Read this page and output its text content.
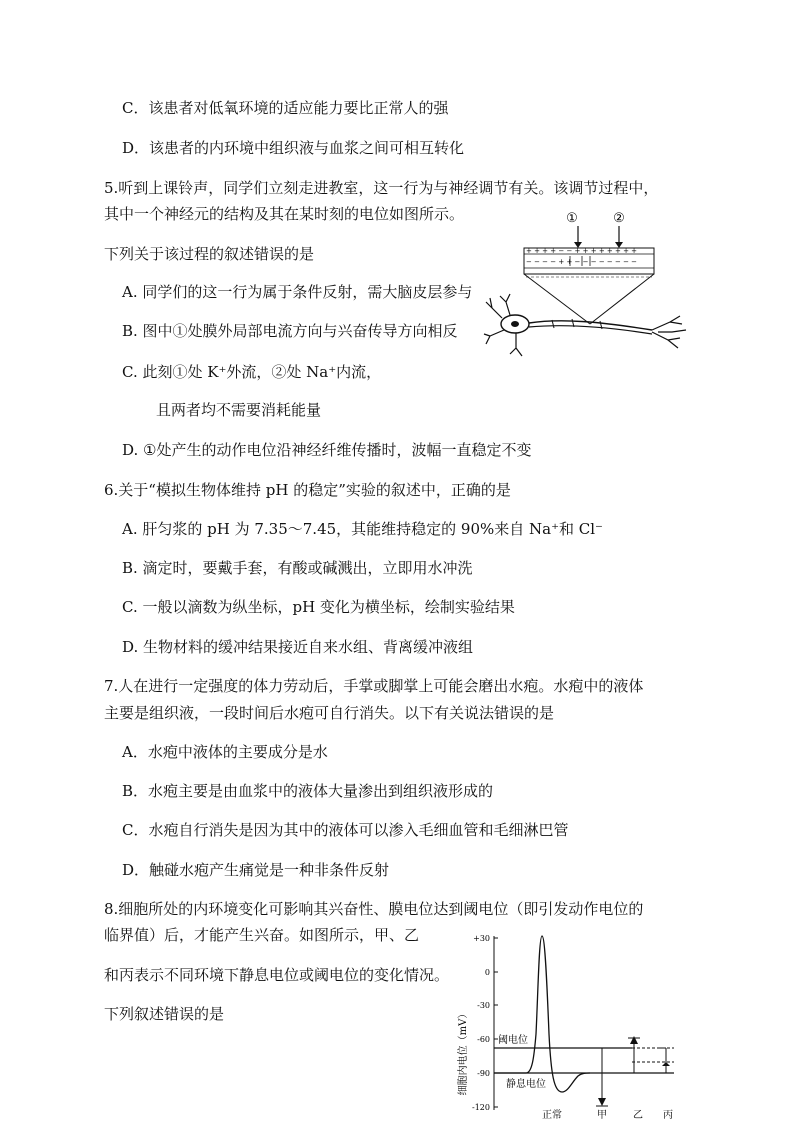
C．该患者对低氧环境的适应能力要比正常人的强
D．该患者的内环境中组织液与血浆之间可相互转化
5.听到上课铃声，同学们立刻走进教室，这一行为与神经调节有关。该调节过程中，
其中一个神经元的结构及其在某时刻的电位如图所示。
下列关于该过程的叙述错误的是
A. 同学们的这一行为属于条件反射，需大脑皮层参与
B. 图中①处膜外局部电流方向与兴奋传导方向相反
C. 此刻①处 K⁺外流，②处 Na⁺内流，
且两者均不需要消耗能量
D. ①处产生的动作电位沿神经纤维传播时，波幅一直稳定不变
①	②
+ + + + − − + + + + + + + +
− − − − + + − − − − − − − −
6.关于“模拟生物体维持 pH 的稳定”实验的叙述中，正确的是
A. 肝匀浆的 pH 为 7.35～7.45，其能维持稳定的 90%来自 Na⁺和 Cl⁻
B. 滴定时，要戴手套，有酸或碱溅出，立即用水冲洗
C. 一般以滴数为纵坐标，pH 变化为横坐标，绘制实验结果
D. 生物材料的缓冲结果接近自来水组、背离缓冲液组
7.人在进行一定强度的体力劳动后，手掌或脚掌上可能会磨出水疱。水疱中的液体
主要是组织液，一段时间后水疱可自行消失。以下有关说法错误的是
A．水疱中液体的主要成分是水
B．水疱主要是由血浆中的液体大量渗出到组织液形成的
C．水疱自行消失是因为其中的液体可以渗入毛细血管和毛细淋巴管
D．触碰水疱产生痛觉是一种非条件反射
8.细胞所处的内环境变化可影响其兴奋性、膜电位达到阈电位（即引发动作电位的
临界值）后，才能产生兴奋。如图所示，甲、乙
和丙表示不同环境下静息电位或阈电位的变化情况。
下列叙述错误的是	细胞内电位（mV）
+30
0
-30
-60
-90
-120
阈电位
静息电位
正常	甲	乙 丙
